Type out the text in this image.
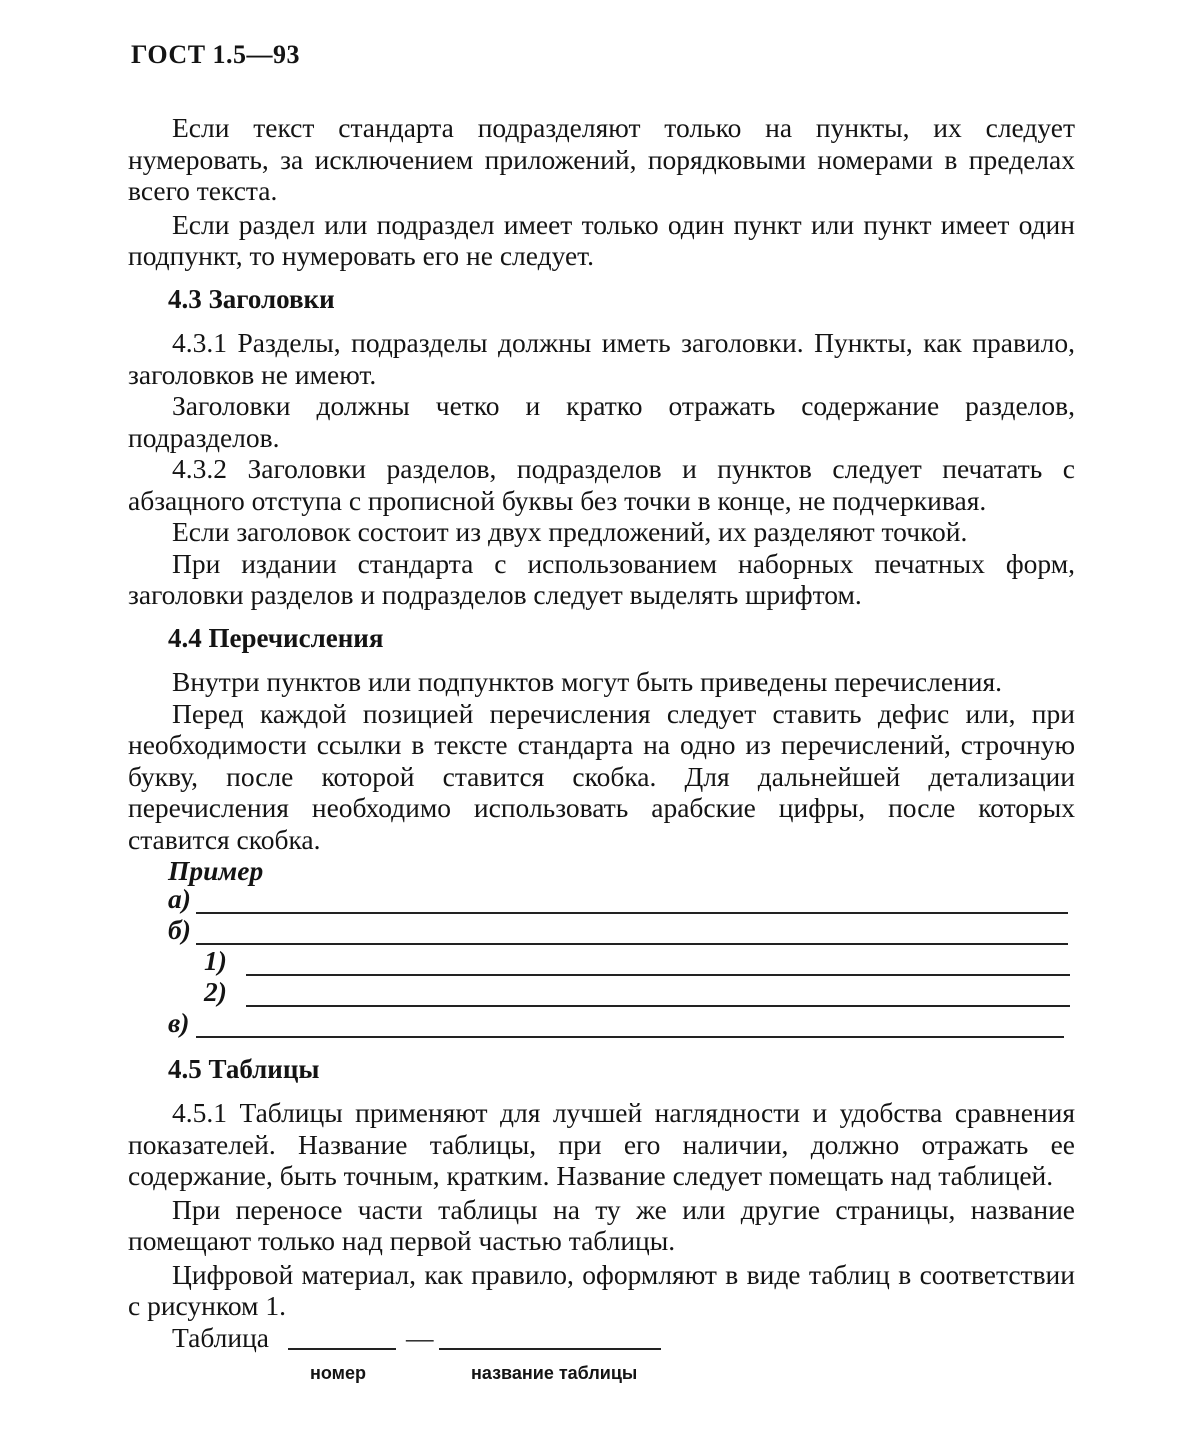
ГОСТ 1.5—93

Если текст стандарта подразделяют только на пункты, их следует нумеровать, за исключением приложений, порядковыми номерами в пределах всего текста.

Если раздел или подраздел имеет только один пункт или пункт имеет один подпункт, то нумеровать его не следует.

4.3 Заголовки

4.3.1 Разделы, подразделы должны иметь заголовки. Пункты, как правило, заголовков не имеют.

Заголовки должны четко и кратко отражать содержание разделов, подразделов.

4.3.2 Заголовки разделов, подразделов и пунктов следует печатать с абзацного отступа с прописной буквы без точки в конце, не подчеркивая.

Если заголовок состоит из двух предложений, их разделяют точкой.

При издании стандарта с использованием наборных печатных форм, заголовки разделов и подразделов следует выделять шрифтом.

4.4 Перечисления

Внутри пунктов или подпунктов могут быть приведены перечисления.

Перед каждой позицией перечисления следует ставить дефис или, при необходимости ссылки в тексте стандарта на одно из перечислений, строчную букву, после которой ставится скобка. Для дальнейшей детализации перечисления необходимо использовать арабские цифры, после которых ставится скобка.

Пример
а)
б)
1)
2)
в)
4.5 Таблицы

4.5.1 Таблицы применяют для лучшей наглядности и удобства сравнения показателей. Название таблицы, при его наличии, должно отражать ее содержание, быть точным, кратким. Название следует помещать над таблицей.

При переносе части таблицы на ту же или другие страницы, название помещают только над первой частью таблицы.

Цифровой материал, как правило, оформляют в виде таблиц в соответствии с рисунком 1.

Таблица	—
номер	название таблицы
